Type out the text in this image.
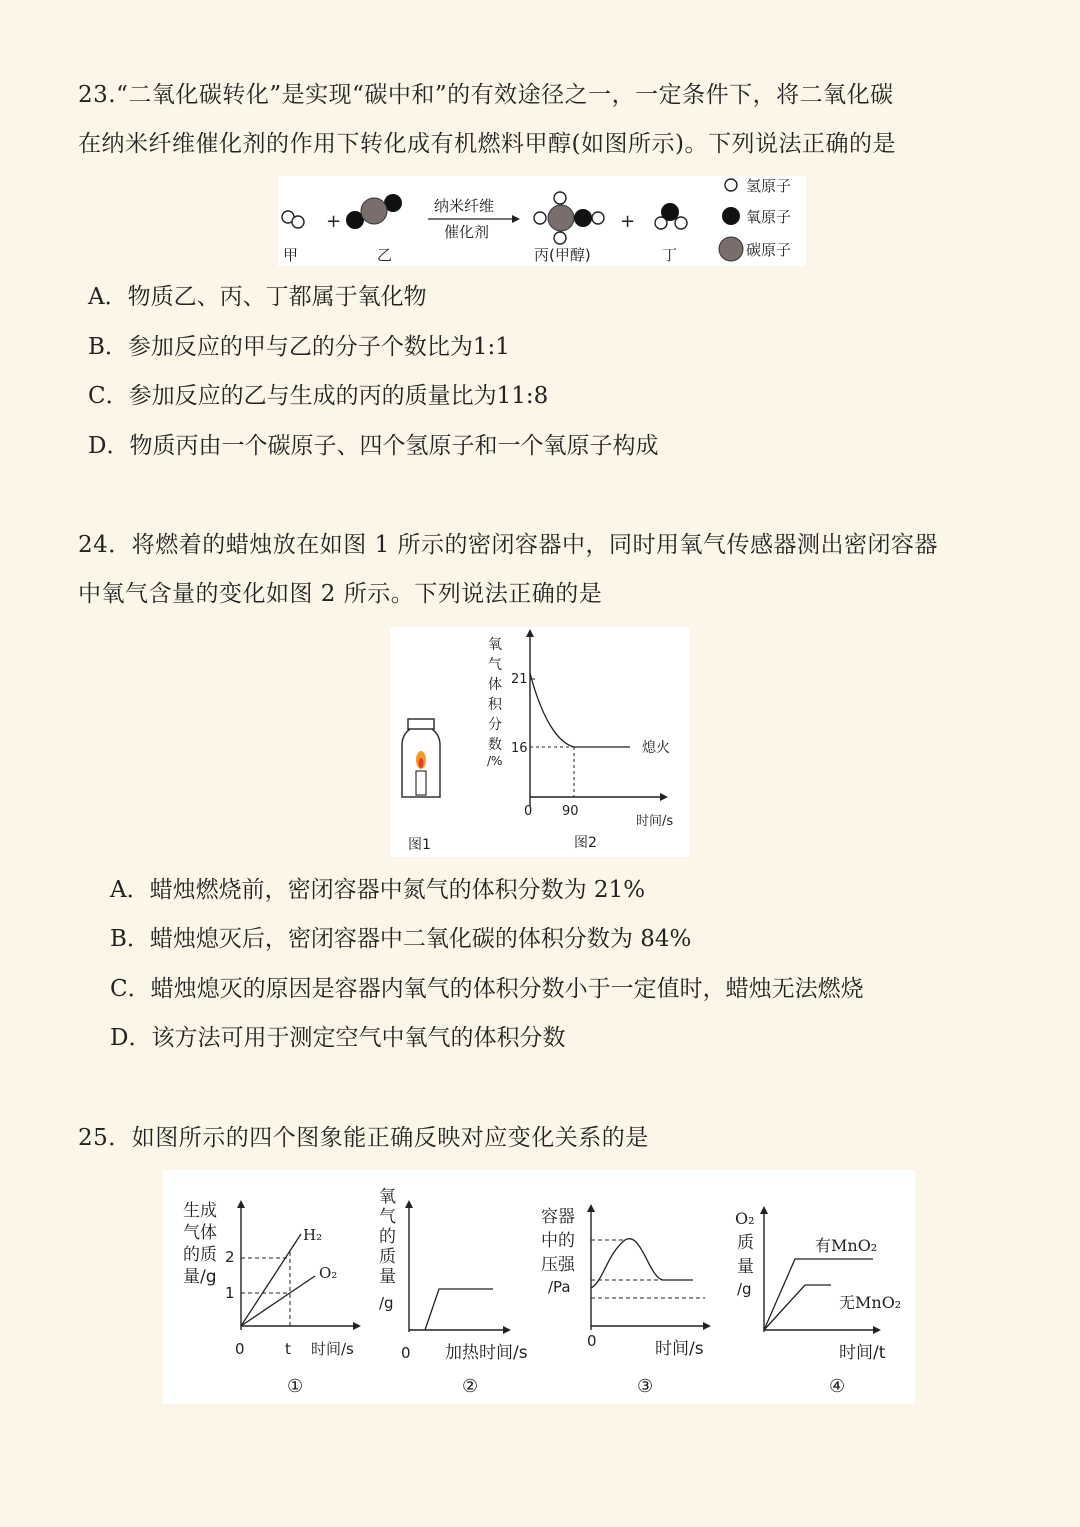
23.“二氧化碳转化”是实现“碳中和”的有效途径之一，一定条件下，将二氧化碳
在纳米纤维催化剂的作用下转化成有机燃料甲醇(如图所示)。下列说法正确的是
甲
+
乙
纳米纤维
催化剂
丙(甲醇)
+
丁
氢原子
氧原子
碳原子
A．物质乙、丙、丁都属于氧化物
B．参加反应的甲与乙的分子个数比为1:1
C．参加反应的乙与生成的丙的质量比为11:8
D．物质丙由一个碳原子、四个氢原子和一个氧原子构成
24．将燃着的蜡烛放在如图 1 所示的密闭容器中，同时用氧气传感器测出密闭容器
中氧气含量的变化如图 2 所示。下列说法正确的是
图1
氧
气
体
积
分
数
/%
21
16
0 90
熄火
时间/s
图2
A．蜡烛燃烧前，密闭容器中氮气的体积分数为 21%
B．蜡烛熄灭后，密闭容器中二氧化碳的体积分数为 84%
C．蜡烛熄灭的原因是容器内氧气的体积分数小于一定值时，蜡烛无法燃烧
D．该方法可用于测定空气中氧气的体积分数
25．如图所示的四个图象能正确反映对应变化关系的是
生成
气体
的质
量/g
2
1
0	t 时间/s
H₂
O₂
①
氧
气
的
质
量
/g
0 加热时间/s
②
容器
中的
压强
/Pa
0	时间/s
③
O₂
质
量
/g
有MnO₂
无MnO₂
时间/t
④
